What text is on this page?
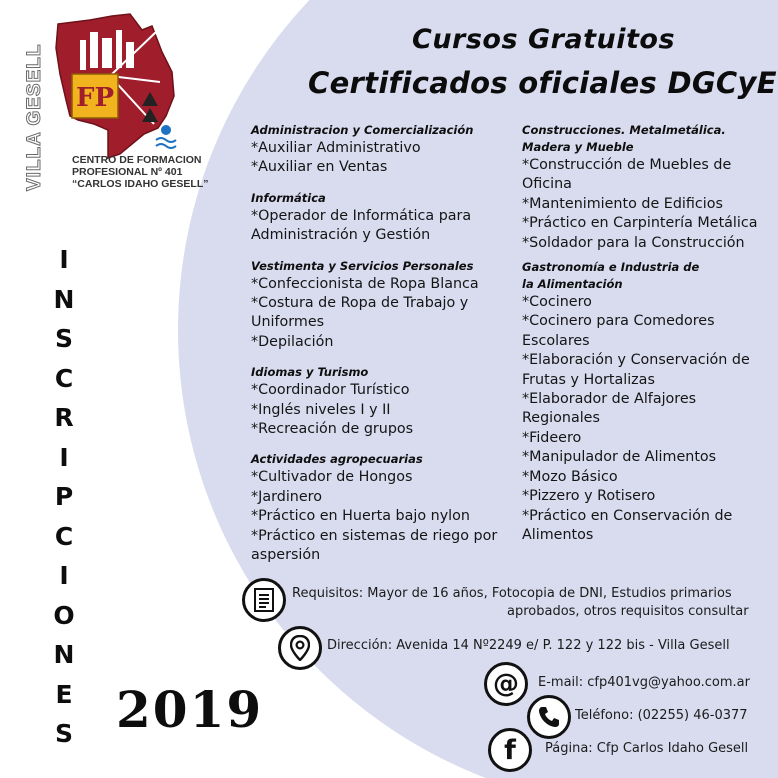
VILLA GESELL FP
CENTRO DE FORMACION
PROFESIONAL Nº 401
“CARLOS IDAHO GESELL”
Cursos Gratuitos
Certificados oficiales DGCyE
I
N
S
C
R
I
P
C
I
O
N
E
S 2019
Administracion y Comercialización
*Auxiliar Administrativo
*Auxiliar en Ventas
Informática
*Operador de Informática para Administración y Gestión
Vestimenta y Servicios Personales
*Confeccionista de Ropa Blanca
*Costura de Ropa de Trabajo y Uniformes
*Depilación
Idiomas y Turismo
*Coordinador Turístico
*Inglés niveles I y II
*Recreación de grupos
Actividades agropecuarias
*Cultivador de Hongos
*Jardinero
*Práctico en Huerta bajo nylon
*Práctico en sistemas de riego por aspersión
Construcciones. Metalmetálica.
Madera y Mueble
*Construcción de Muebles de Oficina
*Mantenimiento de Edificios
*Práctico en Carpintería Metálica
*Soldador para la Construcción
Gastronomía e Industria de
la Alimentación
*Cocinero
*Cocinero para Comedores Escolares
*Elaboración y Conservación de Frutas y Hortalizas
*Elaborador de Alfajores Regionales
*Fideero
*Manipulador de Alimentos
*Mozo Básico
*Pizzero y Rotisero
*Práctico en Conservación de Alimentos
Requisitos: Mayor de 16 años, Fotocopia de DNI, Estudios primarios
aprobados, otros requisitos consultar
Dirección: Avenida 14 Nº2249 e/ P. 122 y 122 bis - Villa Gesell
@ E-mail: cfp401vg@yahoo.com.ar
Teléfono: (02255) 46-0377
f Página: Cfp Carlos Idaho Gesell
